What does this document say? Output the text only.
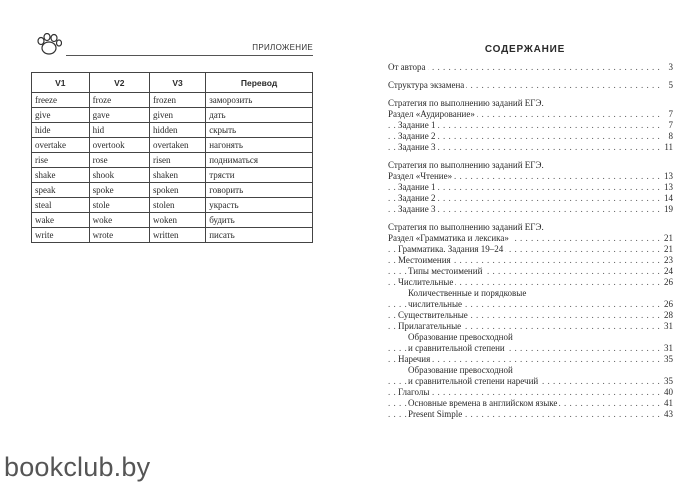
ПРИЛОЖЕНИЕ
V1	V2	V3	Перевод
freeze	froze	frozen	заморозить
give	gave	given	дать
hide	hid	hidden	скрыть
overtake	overtook	overtaken	нагонять
rise	rose	risen	подниматься
shake	shook	shaken	трясти
speak	spoke	spoken	говорить
steal	stole	stolen	украсть
wake	woke	woken	будить
write	wrote	written	писать
bookclub.by
СОДЕРЖАНИЕ
. . . От автора	3
. . . Структура экзамена	5
Стратегия по выполнению заданий ЕГЭ.
. . . Раздел «Аудирование»	7
. . . Задание 1	7
. . . Задание 2	8
. . . Задание 3	11
Стратегия по выполнению заданий ЕГЭ.
. . . Раздел «Чтение»	13
. . . Задание 1	13
. . . Задание 2	14
. . . Задание 3	19
Стратегия по выполнению заданий ЕГЭ.
. . . Раздел «Грамматика и лексика»	21
. . . Грамматика. Задания 19–24	21
. . . Местоимения	23
. . . Типы местоимений	24
. . . Числительные	26
Количественные и порядковые
. . . числительные	26
. . . Существительные	28
. . . Прилагательные	31
Образование превосходной
. . . и сравнительной степени	31
. . . Наречия	35
Образование превосходной
. . . и сравнительной степени наречий	35
. . . Глаголы	40
. . . Основные времена в английском языке	41
. . . Present Simple	43
